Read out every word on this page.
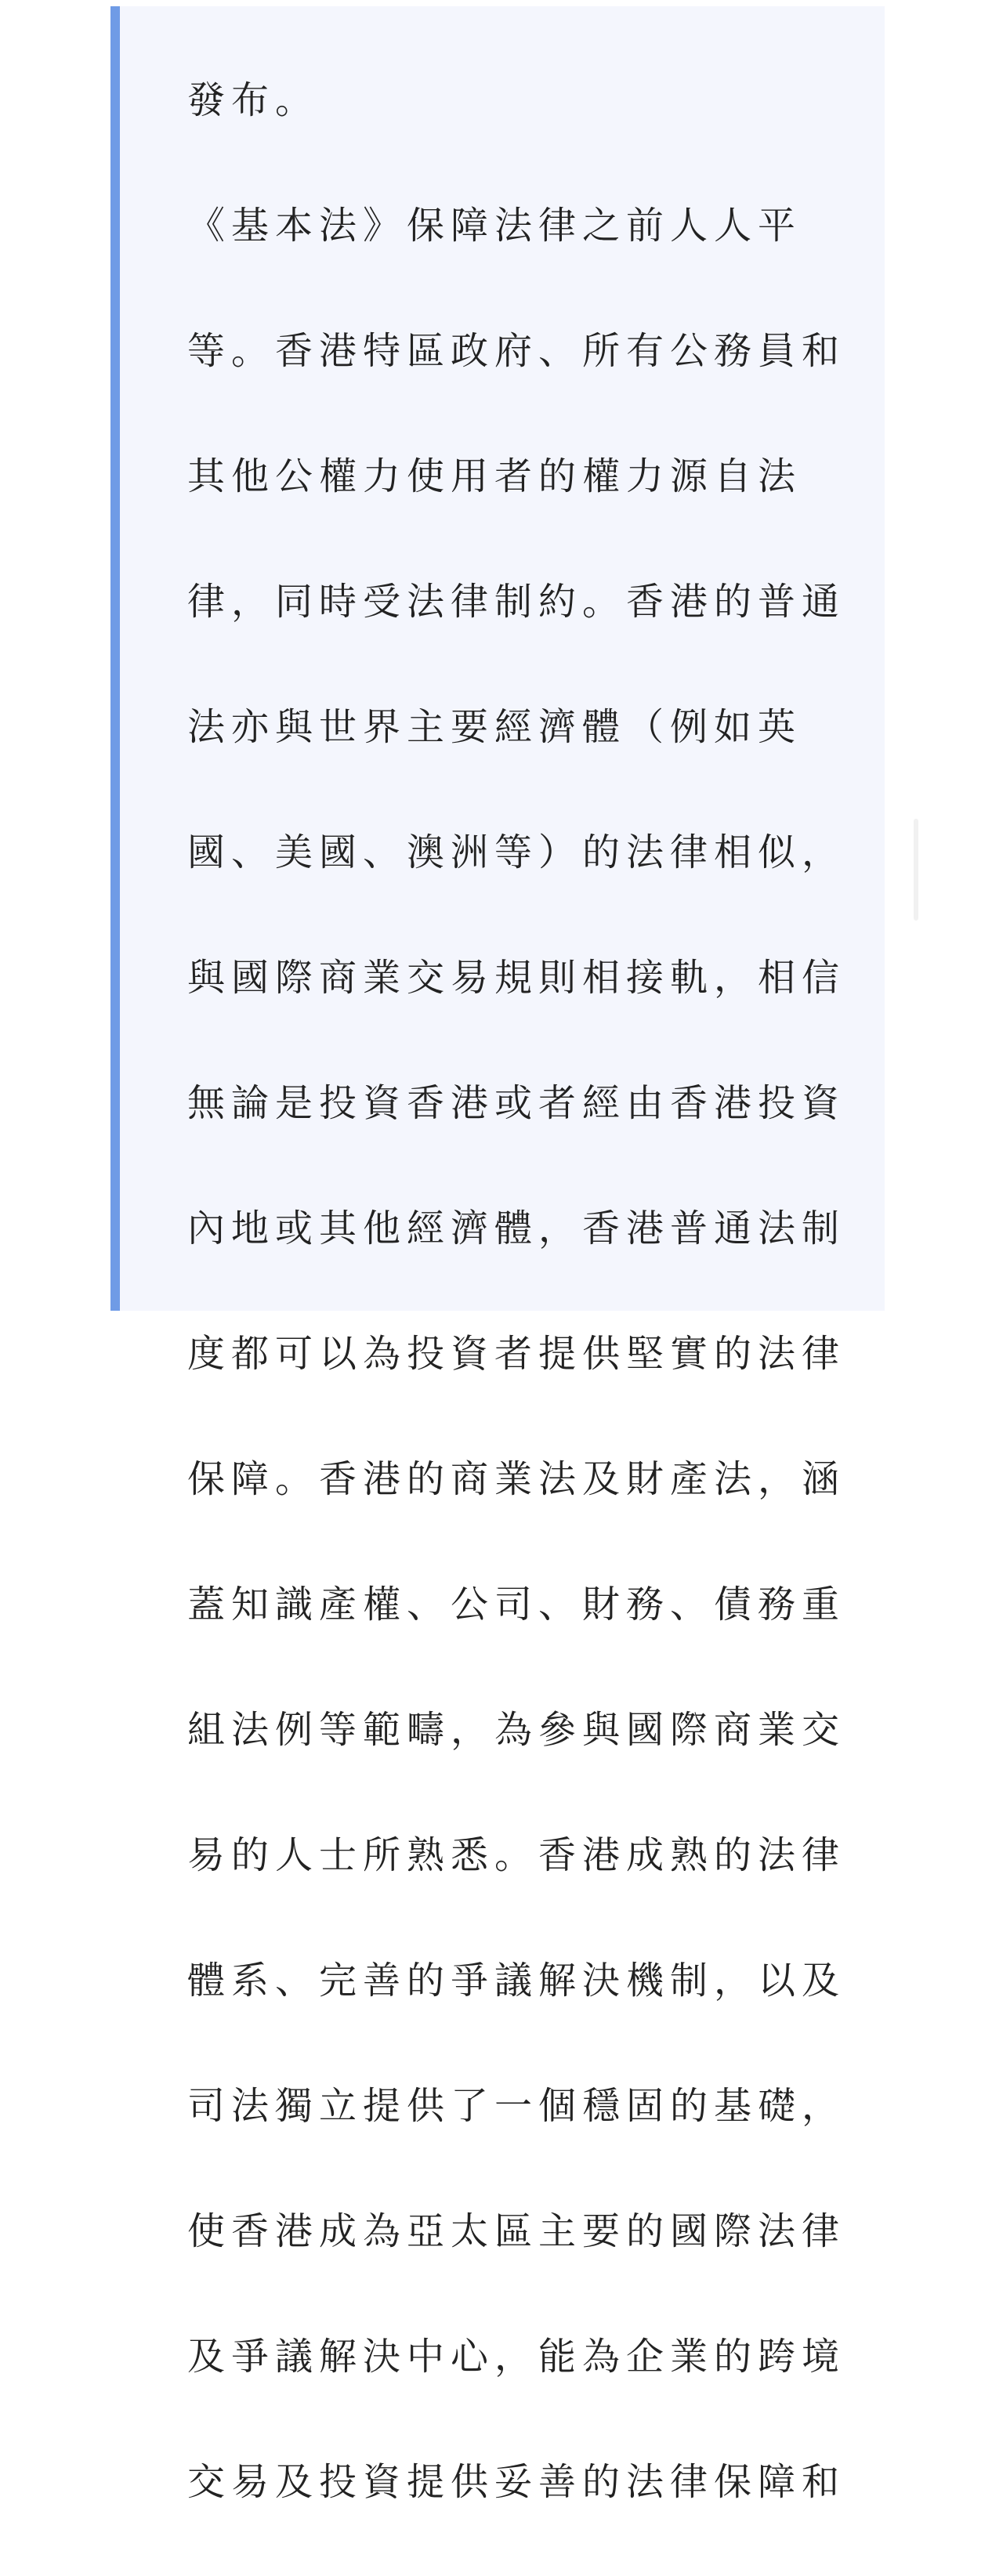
發布。

《基本法》保障法律之前人人平

等。香港特區政府、所有公務員和

其他公權力使用者的權力源自法

律，同時受法律制約。香港的普通

法亦與世界主要經濟體（例如英

國、美國、澳洲等）的法律相似，

與國際商業交易規則相接軌，相信

無論是投資香港或者經由香港投資

內地或其他經濟體，香港普通法制

度都可以為投資者提供堅實的法律

保障。香港的商業法及財產法，涵

蓋知識產權、公司、財務、債務重

組法例等範疇，為參與國際商業交

易的人士所熟悉。香港成熟的法律

體系、完善的爭議解決機制，以及

司法獨立提供了一個穩固的基礎，

使香港成為亞太區主要的國際法律

及爭議解決中心，能為企業的跨境

交易及投資提供妥善的法律保障和
